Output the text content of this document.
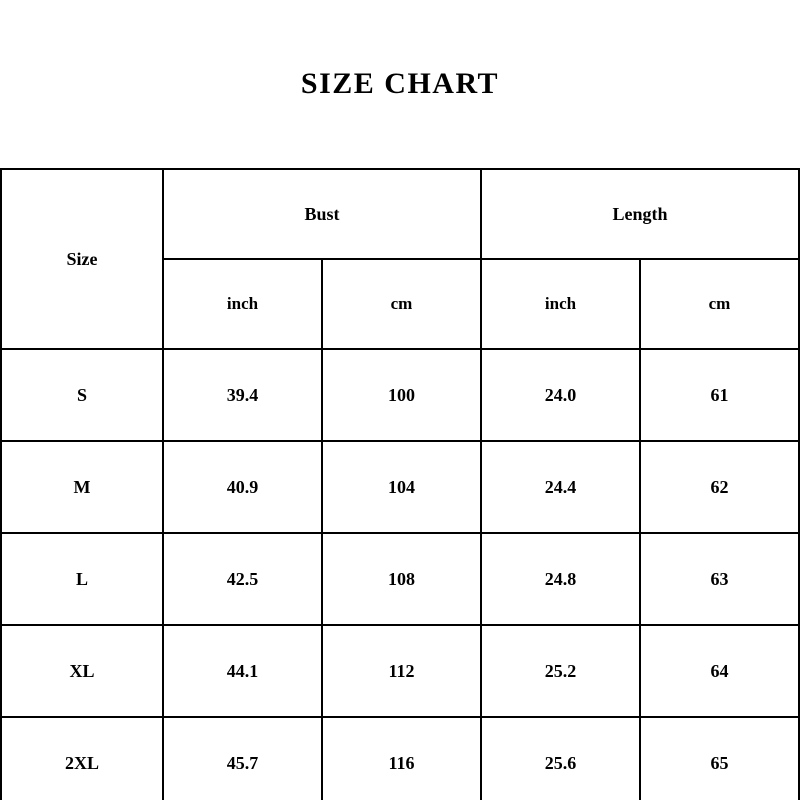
SIZE CHART
Size	Bust		Length	
	inch	cm	inch	cm
S	39.4	100	24.0	61
M	40.9	104	24.4	62
L	42.5	108	24.8	63
XL	44.1	112	25.2	64
2XL	45.7	116	25.6	65
